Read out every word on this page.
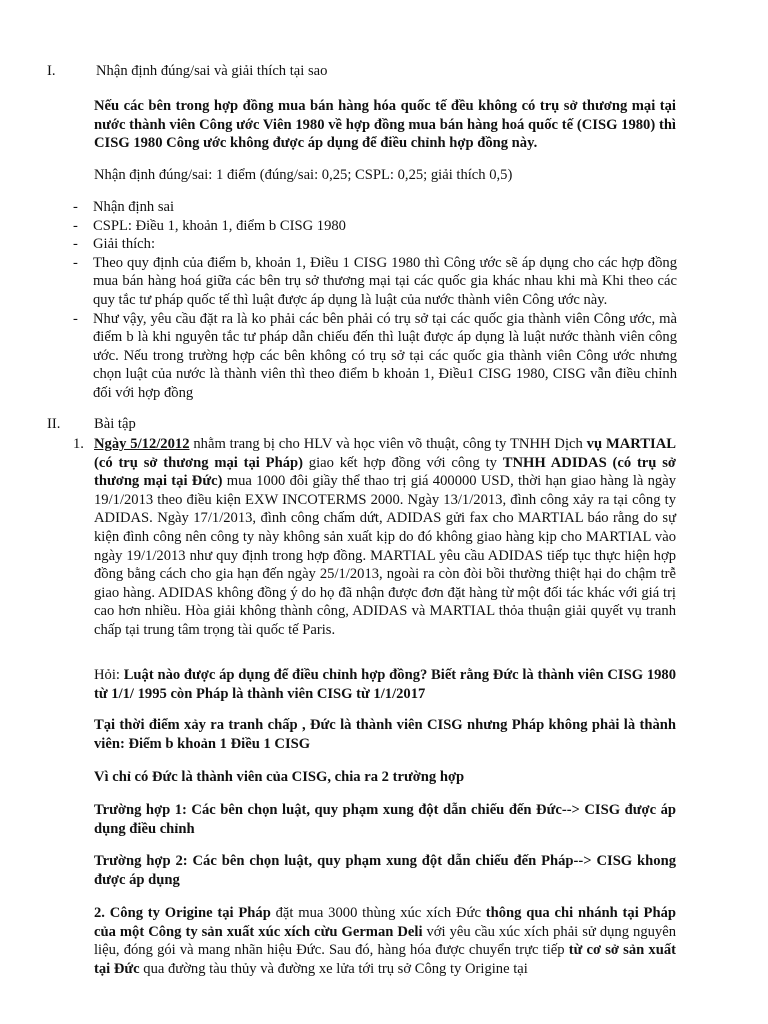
I.	Nhận định đúng/sai và giải thích tại sao
Nếu các bên trong hợp đồng mua bán hàng hóa quốc tế đều không có trụ sở thương mại tại nước thành viên Công ước Viên 1980 về hợp đồng mua bán hàng hoá quốc tế (CISG 1980) thì CISG 1980 Công ước không được áp dụng để điều chỉnh hợp đồng này.
Nhận định đúng/sai: 1 điểm (đúng/sai: 0,25; CSPL: 0,25; giải thích 0,5)
- Nhận định sai
- CSPL: Điều 1, khoản 1, điểm b CISG 1980
- Giải thích:
- Theo quy định của điểm b, khoản 1, Điều 1 CISG 1980 thì Công ước sẽ áp dụng cho các hợp đồng mua bán hàng hoá giữa các bên trụ sở thương mại tại các quốc gia khác nhau khi mà Khi theo các quy tắc tư pháp quốc tế thì luật được áp dụng là luật của nước thành viên Công ước này.
- Như vậy, yêu cầu đặt ra là ko phải các bên phải có trụ sở tại các quốc gia thành viên Công ước, mà điểm b là khi nguyên tắc tư pháp dẫn chiếu đến thì luật được áp dụng là luật nước thành viên công ước. Nếu trong trường hợp các bên không có trụ sở tại các quốc gia thành viên Công ước nhưng chọn luật của nước là thành viên thì theo điểm b khoản 1, Điều1 CISG 1980, CISG vẫn điều chỉnh đối với hợp đồng
II. Bài tập
1. Ngày 5/12/2012 nhằm trang bị cho HLV và học viên võ thuật, công ty TNHH Dịch vụ MARTIAL (có trụ sở thương mại tại Pháp) giao kết hợp đồng với công ty TNHH ADIDAS (có trụ sở thương mại tại Đức) mua 1000 đôi giầy thể thao trị giá 400000 USD, thời hạn giao hàng là ngày 19/1/2013 theo điều kiện EXW INCOTERMS 2000. Ngày 13/1/2013, đình công xảy ra tại công ty ADIDAS. Ngày 17/1/2013, đình công chấm dứt, ADIDAS gửi fax cho MARTIAL báo rằng do sự kiện đình công nên công ty này không sản xuất kịp do đó không giao hàng kịp cho MARTIAL vào ngày 19/1/2013 như quy định trong hợp đồng. MARTIAL yêu cầu ADIDAS tiếp tục thực hiện hợp đồng bằng cách cho gia hạn đến ngày 25/1/2013, ngoài ra còn đòi bồi thường thiệt hại do chậm trễ giao hàng. ADIDAS không đồng ý do họ đã nhận được đơn đặt hàng từ một đối tác khác với giá trị cao hơn nhiều. Hòa giải không thành công, ADIDAS và MARTIAL thỏa thuận giải quyết vụ tranh chấp tại trung tâm trọng tài quốc tế Paris.
Hỏi: Luật nào được áp dụng để điều chỉnh hợp đồng? Biết rằng Đức là thành viên CISG 1980 từ 1/1/ 1995 còn Pháp là thành viên CISG từ 1/1/2017
Tại thời điểm xảy ra tranh chấp , Đức là thành viên CISG nhưng Pháp không phải là thành viên: Điểm b khoản 1 Điều 1 CISG
Vì chỉ có Đức là thành viên của CISG, chia ra 2 trường hợp
Trường hợp 1: Các bên chọn luật, quy phạm xung đột dẫn chiếu đến Đức--> CISG được áp dụng điều chỉnh
Trường hợp 2: Các bên chọn luật, quy phạm xung đột dẫn chiếu đến Pháp--> CISG khong được áp dụng
2. Công ty Origine tại Pháp đặt mua 3000 thùng xúc xích Đức thông qua chi nhánh tại Pháp của một Công ty sản xuất xúc xích cừu German Deli với yêu cầu xúc xích phải sử dụng nguyên liệu, đóng gói và mang nhãn hiệu Đức. Sau đó, hàng hóa được chuyển trực tiếp từ cơ sở sản xuất tại Đức qua đường tàu thủy và đường xe lửa tới trụ sở Công ty Origine tại
